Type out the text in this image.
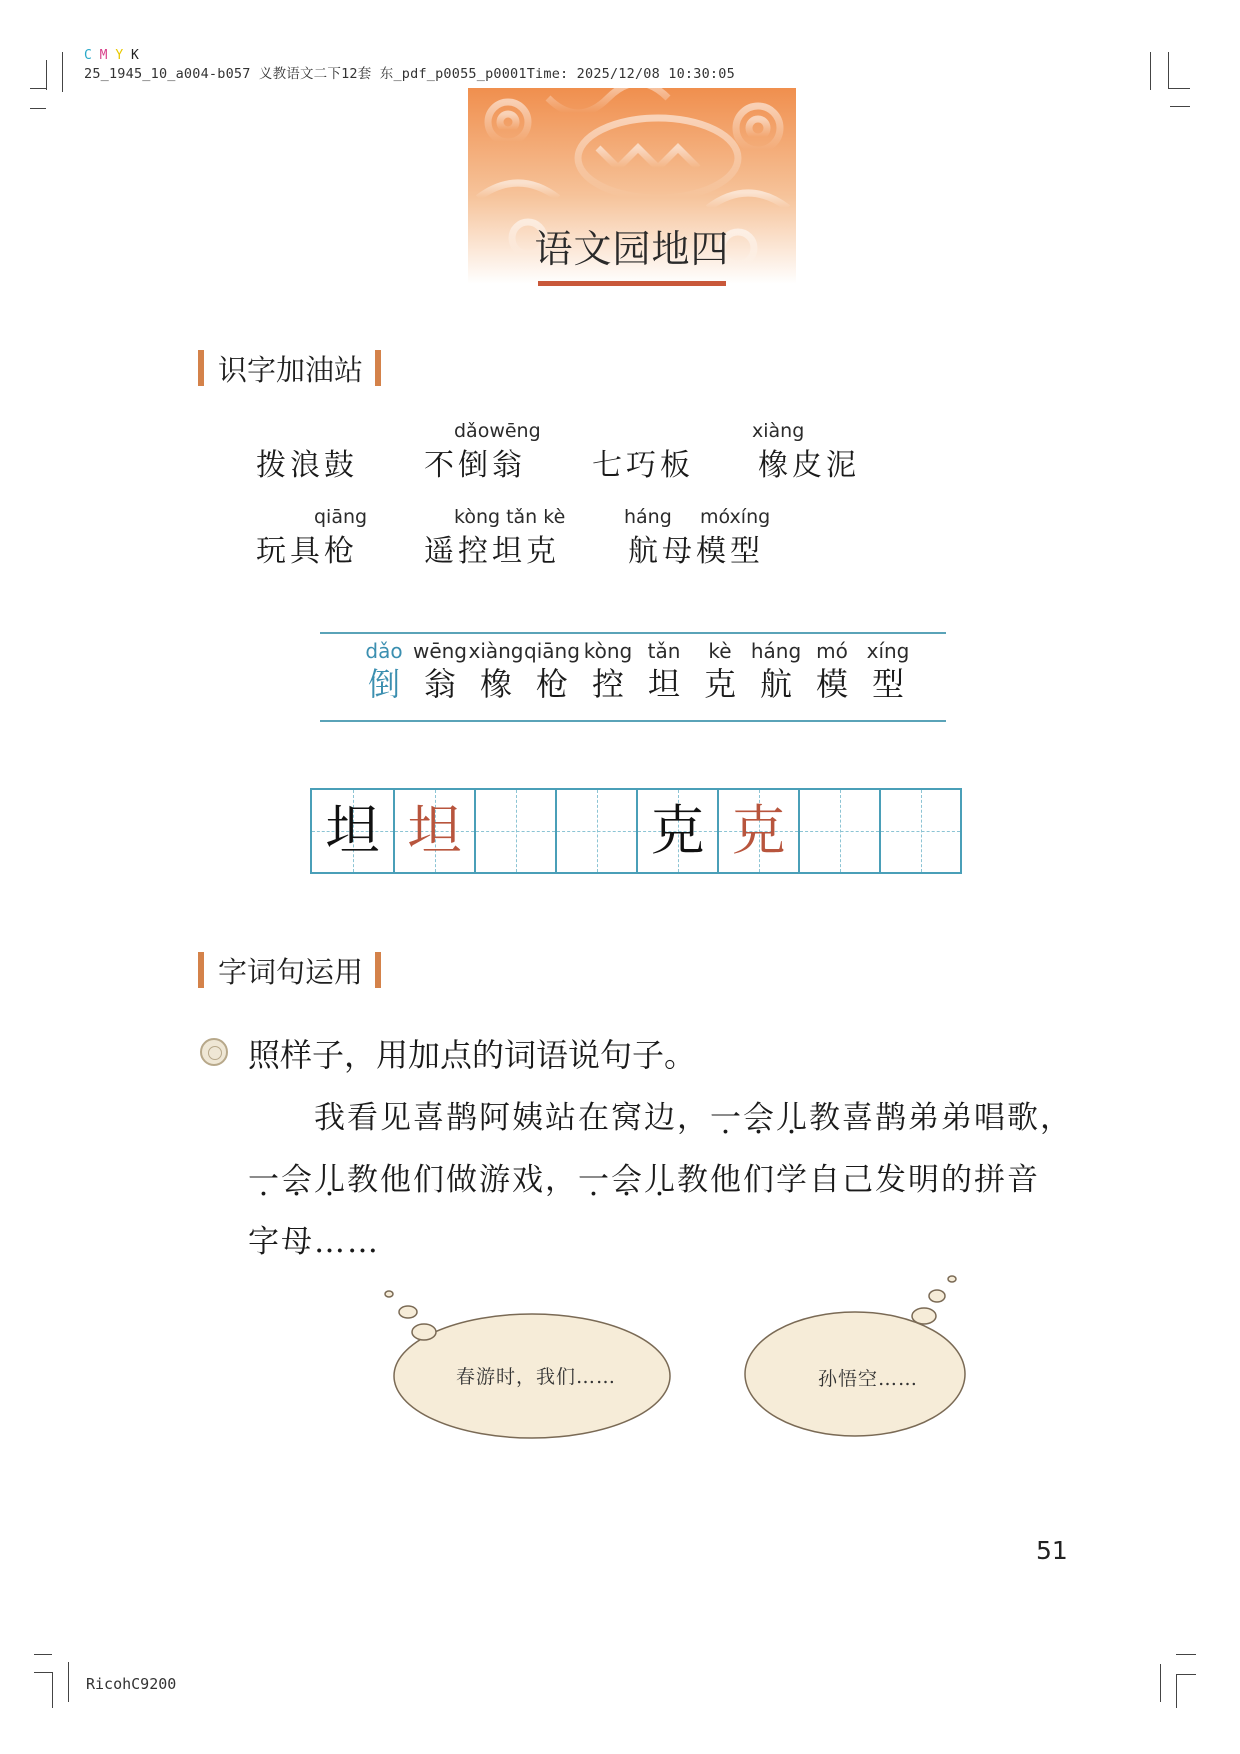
C M Y K
25_1945_10_a004-b057 义教语文二下12套 东_pdf_p0055_p0001Time: 2025/12/08 10:30:05
语文园地四
识字加油站
拨浪鼓
dǎowēng
不倒翁 七巧板
xiàng
橡皮泥
qiāng
玩具枪
kòng tǎn kè
遥控坦克
háng móxíng
航母模型
dǎo
倒
wēng
翁
xiàng
橡
qiāng
枪
kòng
控
tǎn
坦
kè
克
háng
航
mó
模
xíng
型
坦 坦	克 克
字词句运用
照样子，用加点的词语说句子。
我看见喜鹊阿姨站在窝边，一会儿教喜鹊弟弟唱歌，
一会儿教他们做游戏，一会儿教他们学自己发明的拼音
字母……
春游时，我们……	孙悟空……
51
RicohC9200
